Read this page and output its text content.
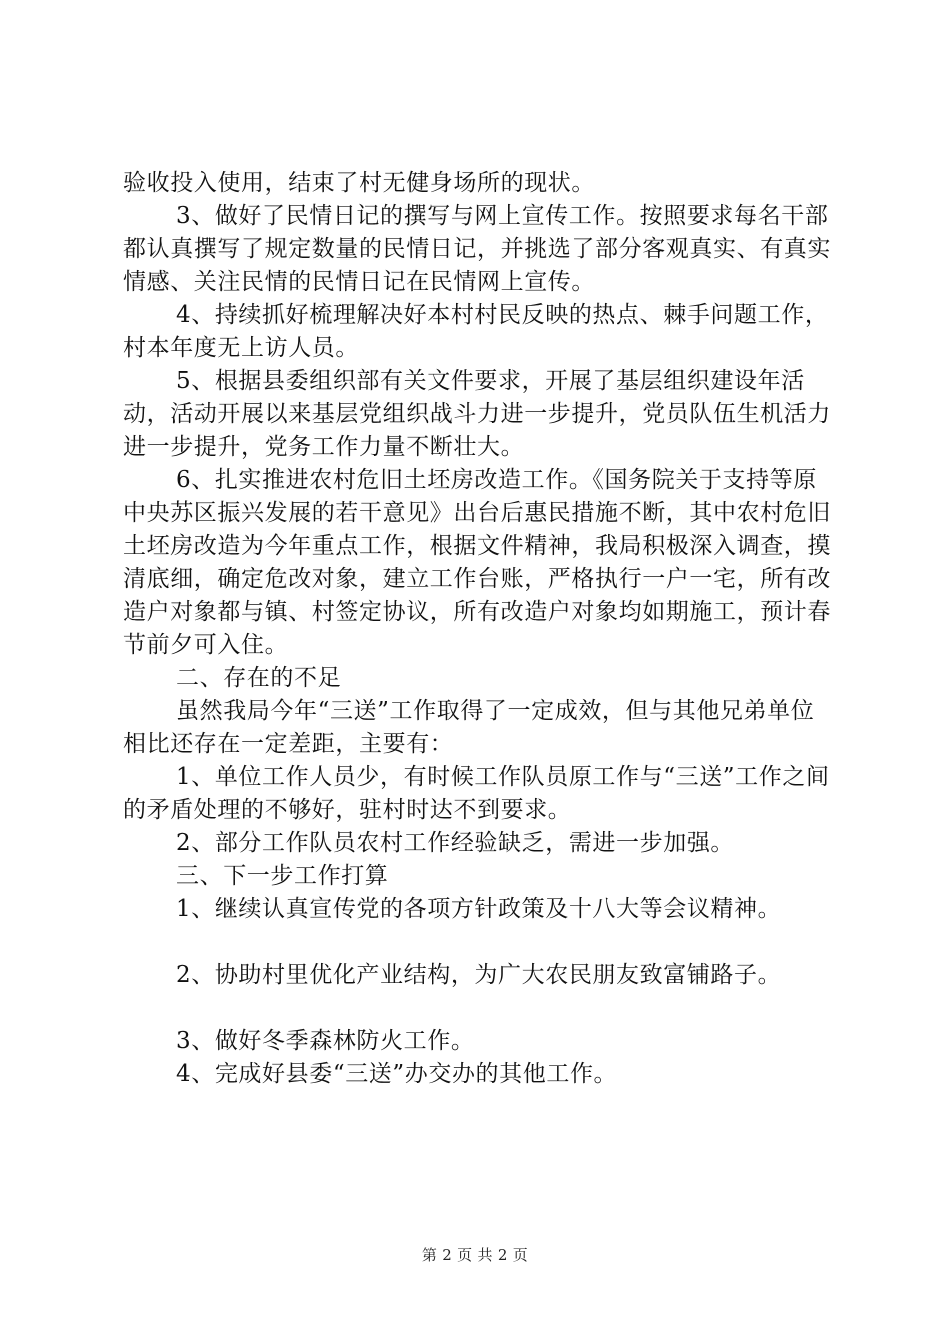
验收投入使用，结束了村无健身场所的现状。

3、做好了民情日记的撰写与网上宣传工作。按照要求每名干部都认真撰写了规定数量的民情日记，并挑选了部分客观真实、有真实情感、关注民情的民情日记在民情网上宣传。

4、持续抓好梳理解决好本村村民反映的热点、棘手问题工作，村本年度无上访人员。

5、根据县委组织部有关文件要求，开展了基层组织建设年活动，活动开展以来基层党组织战斗力进一步提升，党员队伍生机活力进一步提升，党务工作力量不断壮大。

6、扎实推进农村危旧土坯房改造工作。《国务院关于支持等原中央苏区振兴发展的若干意见》出台后惠民措施不断，其中农村危旧土坯房改造为今年重点工作，根据文件精神，我局积极深入调查，摸清底细，确定危改对象，建立工作台账，严格执行一户一宅，所有改造户对象都与镇、村签定协议，所有改造户对象均如期施工，预计春节前夕可入住。

二、存在的不足

虽然我局今年“三送”工作取得了一定成效，但与其他兄弟单位相比还存在一定差距，主要有：

1、单位工作人员少，有时候工作队员原工作与“三送”工作之间的矛盾处理的不够好，驻村时达不到要求。

2、部分工作队员农村工作经验缺乏，需进一步加强。

三、下一步工作打算

1、继续认真宣传党的各项方针政策及十八大等会议精神。

2、协助村里优化产业结构，为广大农民朋友致富铺路子。

3、做好冬季森林防火工作。

4、完成好县委“三送”办交办的其他工作。

第 2 页 共 2 页
